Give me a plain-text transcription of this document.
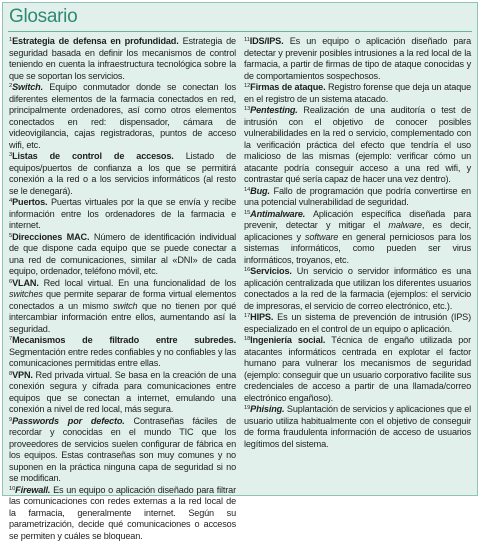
Glosario

$^1$Estrategia de defensa en profundidad. Estrategia de seguridad basada en definir los mecanismos de control teniendo en cuenta la infraestructura tecnológica sobre la que se soportan los servicios.

$^2$Switch. Equipo conmutador donde se conectan los diferentes elementos de la farmacia conectados en red, principalmente ordenadores, así como otros elementos conectados en red: dispensador, cámara de videovigilancia, cajas registradoras, puntos de acceso wifi, etc.

$^3$Listas de control de accesos. Listado de equipos/puertos de confianza a los que se permitirá conexión a la red o a los servicios informáticos (al resto se le denegará).

$^4$Puertos. Puertas virtuales por la que se envía y recibe información entre los ordenadores de la farmacia e internet.

$^5$Direcciones MAC. Número de identificación individual de que dispone cada equipo que se puede conectar a una red de comunicaciones, similar al «DNI» de cada equipo, ordenador, teléfono móvil, etc.

$^6$VLAN. Red local virtual. En una funcionalidad de los switches que permite separar de forma virtual elementos conectados a un mismo switch que no tienen por qué intercambiar información entre ellos, aumentando así la seguridad.

$^7$Mecanismos de filtrado entre subredes. Segmentación entre redes confiables y no confiables y las comunicaciones permitidas entre ellas.

$^8$VPN. Red privada virtual. Se basa en la creación de una conexión segura y cifrada para comunicaciones entre equipos que se conectan a internet, emulando una conexión a nivel de red local, más segura.

$^9$Passwords por defecto. Contraseñas fáciles de recordar y conocidas en el mundo TIC que los proveedores de servicios suelen configurar de fábrica en los equipos. Estas contraseñas son muy comunes y no suponen en la práctica ninguna capa de seguridad si no se modifican.

$^{10}$Firewall. Es un equipo o aplicación diseñado para filtrar las comunicaciones con redes externas a la red local de la farmacia, generalmente internet. Según su parametrización, decide qué comunicaciones o accesos se permiten y cuáles se bloquean.

$^{11}$IDS/IPS. Es un equipo o aplicación diseñado para detectar y prevenir posibles intrusiones a la red local de la farmacia, a partir de firmas de tipo de ataque conocidas y de comportamientos sospechosos.

$^{12}$Firmas de ataque. Registro forense que deja un ataque en el registro de un sistema atacado.

$^{13}$Pentesting. Realización de una auditoría o test de intrusión con el objetivo de conocer posibles vulnerabilidades en la red o servicio, complementado con la verificación práctica del efecto que tendría el uso malicioso de las mismas (ejemplo: verificar cómo un atacante podría conseguir acceso a una red wifi, y contrastar qué sería capaz de hacer una vez dentro).

$^{14}$Bug. Fallo de programación que podría convertirse en una potencial vulnerabilidad de seguridad.

$^{15}$Antimalware. Aplicación específica diseñada para prevenir, detectar y mitigar el malware, es decir, aplicaciones y software en general perniciosos para los sistemas informáticos, como pueden ser virus informáticos, troyanos, etc.

$^{16}$Servicios. Un servicio o servidor informático es una aplicación centralizada que utilizan los diferentes usuarios conectados a la red de la farmacia (ejemplos: el servicio de impresoras, el servicio de correo electrónico, etc.).

$^{17}$HIPS. Es un sistema de prevención de intrusión (IPS) especializado en el control de un equipo o aplicación.

$^{18}$Ingeniería social. Técnica de engaño utilizada por atacantes informáticos centrada en explotar el factor humano para vulnerar los mecanismos de seguridad (ejemplo: conseguir que un usuario corporativo facilite sus credenciales de acceso a partir de una llamada/correo electrónico engañoso).

$^{19}$Phising. Suplantación de servicios y aplicaciones que el usuario utiliza habitualmente con el objetivo de conseguir de forma fraudulenta información de acceso de usuarios legítimos del sistema.
